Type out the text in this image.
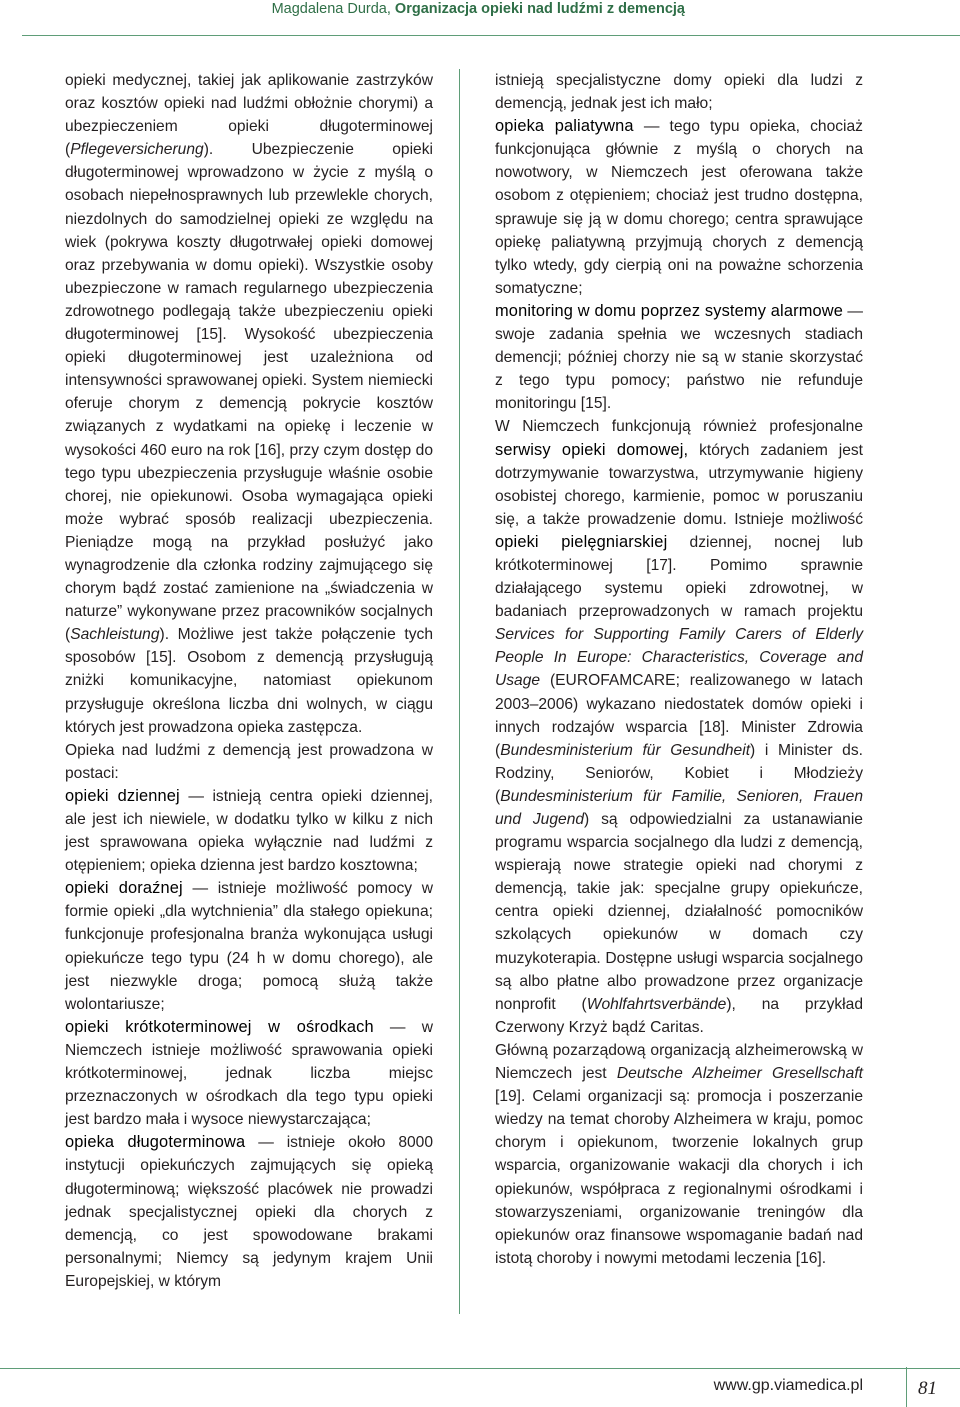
Magdalena Durda, Organizacja opieki nad ludźmi z demencją

opieki medycznej, takiej jak aplikowanie zastrzyków oraz kosztów opieki nad ludźmi obłożnie chorymi) a ubezpieczeniem opieki długoterminowej (Pflegeversicherung). Ubezpieczenie opieki długoterminowej wprowadzono w życie z myślą o osobach niepełnosprawnych lub przewlekle chorych, niezdolnych do samodzielnej opieki ze względu na wiek (pokrywa koszty długotrwałej opieki domowej oraz przebywania w domu opieki). Wszystkie osoby ubezpieczone w ramach regularnego ubezpieczenia zdrowotnego podlegają także ubezpieczeniu opieki długoterminowej [15]. Wysokość ubezpieczenia opieki długoterminowej jest uzależniona od intensywności sprawowanej opieki. System niemiecki oferuje chorym z demencją pokrycie kosztów związanych z wydatkami na opiekę i leczenie w wysokości 460 euro na rok [16], przy czym dostęp do tego typu ubezpieczenia przysługuje właśnie osobie chorej, nie opiekunowi. Osoba wymagająca opieki może wybrać sposób realizacji ubezpieczenia. Pieniądze mogą na przykład posłużyć jako wynagrodzenie dla członka rodziny zajmującego się chorym bądź zostać zamienione na „świadczenia w naturze” wykonywane przez pracowników socjalnych (Sachleistung). Możliwe jest także połączenie tych sposobów [15]. Osobom z demencją przysługują zniżki komunikacyjne, natomiast opiekunom przysługuje określona liczba dni wolnych, w ciągu których jest prowadzona opieka zastępcza.

Opieka nad ludźmi z demencją jest prowadzona w postaci:

opieki dziennej — istnieją centra opieki dziennej, ale jest ich niewiele, w dodatku tylko w kilku z nich jest sprawowana opieka wyłącznie nad ludźmi z otępieniem; opieka dzienna jest bardzo kosztowna;

opieki doraźnej — istnieje możliwość pomocy w formie opieki „dla wytchnienia” dla stałego opiekuna; funkcjonuje profesjonalna branża wykonująca usługi opiekuńcze tego typu (24 h w domu chorego), ale jest niezwykle droga; pomocą służą także wolontariusze;

opieki krótkoterminowej w ośrodkach — w Niemczech istnieje możliwość sprawowania opieki krótkoterminowej, jednak liczba miejsc przeznaczonych w ośrodkach dla tego typu opieki jest bardzo mała i wysoce niewystarczająca;

opieka długoterminowa — istnieje około 8000 instytucji opiekuńczych zajmujących się opieką długoterminową; większość placówek nie prowadzi jednak specjalistycznej opieki dla chorych z demencją, co jest spowodowane brakami personalnymi; Niemcy są jedynym krajem Unii Europejskiej, w którym

istnieją specjalistyczne domy opieki dla ludzi z demencją, jednak jest ich mało;

opieka paliatywna — tego typu opieka, chociaż funkcjonująca głównie z myślą o chorych na nowotwory, w Niemczech jest oferowana także osobom z otępieniem; chociaż jest trudno dostępna, sprawuje się ją w domu chorego; centra sprawujące opiekę paliatywną przyjmują chorych z demencją tylko wtedy, gdy cierpią oni na poważne schorzenia somatyczne;

monitoring w domu poprzez systemy alarmowe — swoje zadania spełnia we wczesnych stadiach demencji; później chorzy nie są w stanie skorzystać z tego typu pomocy; państwo nie refunduje monitoringu [15].

W Niemczech funkcjonują również profesjonalne serwisy opieki domowej, których zadaniem jest dotrzymywanie towarzystwa, utrzymywanie higieny osobistej chorego, karmienie, pomoc w poruszaniu się, a także prowadzenie domu. Istnieje możliwość opieki pielęgniarskiej dziennej, nocnej lub krótkoterminowej [17]. Pomimo sprawnie działającego systemu opieki zdrowotnej, w badaniach przeprowadzonych w ramach projektu Services for Supporting Family Carers of Elderly People In Europe: Characteristics, Coverage and Usage (EUROFAMCARE; realizowanego w latach 2003–2006) wykazano niedostatek domów opieki i innych rodzajów wsparcia [18]. Minister Zdrowia (Bundesministerium für Gesundheit) i Minister ds. Rodziny, Seniorów, Kobiet i Młodzieży (Bundesministerium für Familie, Senioren, Frauen und Jugend) są odpowiedzialni za ustanawianie programu wsparcia socjalnego dla ludzi z demencją, wspierają nowe strategie opieki nad chorymi z demencją, takie jak: specjalne grupy opiekuńcze, centra opieki dziennej, działalność pomocników szkolących opiekunów w domach czy muzykoterapia. Dostępne usługi wsparcia socjalnego są albo płatne albo prowadzone przez organizacje nonprofit (Wohlfahrtsverbände), na przykład Czerwony Krzyż bądź Caritas.

Główną pozarządową organizacją alzheimerowską w Niemczech jest Deutsche Alzheimer Gresellschaft [19]. Celami organizacji są: promocja i poszerzanie wiedzy na temat choroby Alzheimera w kraju, pomoc chorym i opiekunom, tworzenie lokalnych grup wsparcia, organizowanie wakacji dla chorych i ich opiekunów, współpraca z regionalnymi ośrodkami i stowarzyszeniami, organizowanie treningów dla opiekunów oraz finansowe wspomaganie badań nad istotą choroby i nowymi metodami leczenia [16].

www.gp.viamedica.pl	81
